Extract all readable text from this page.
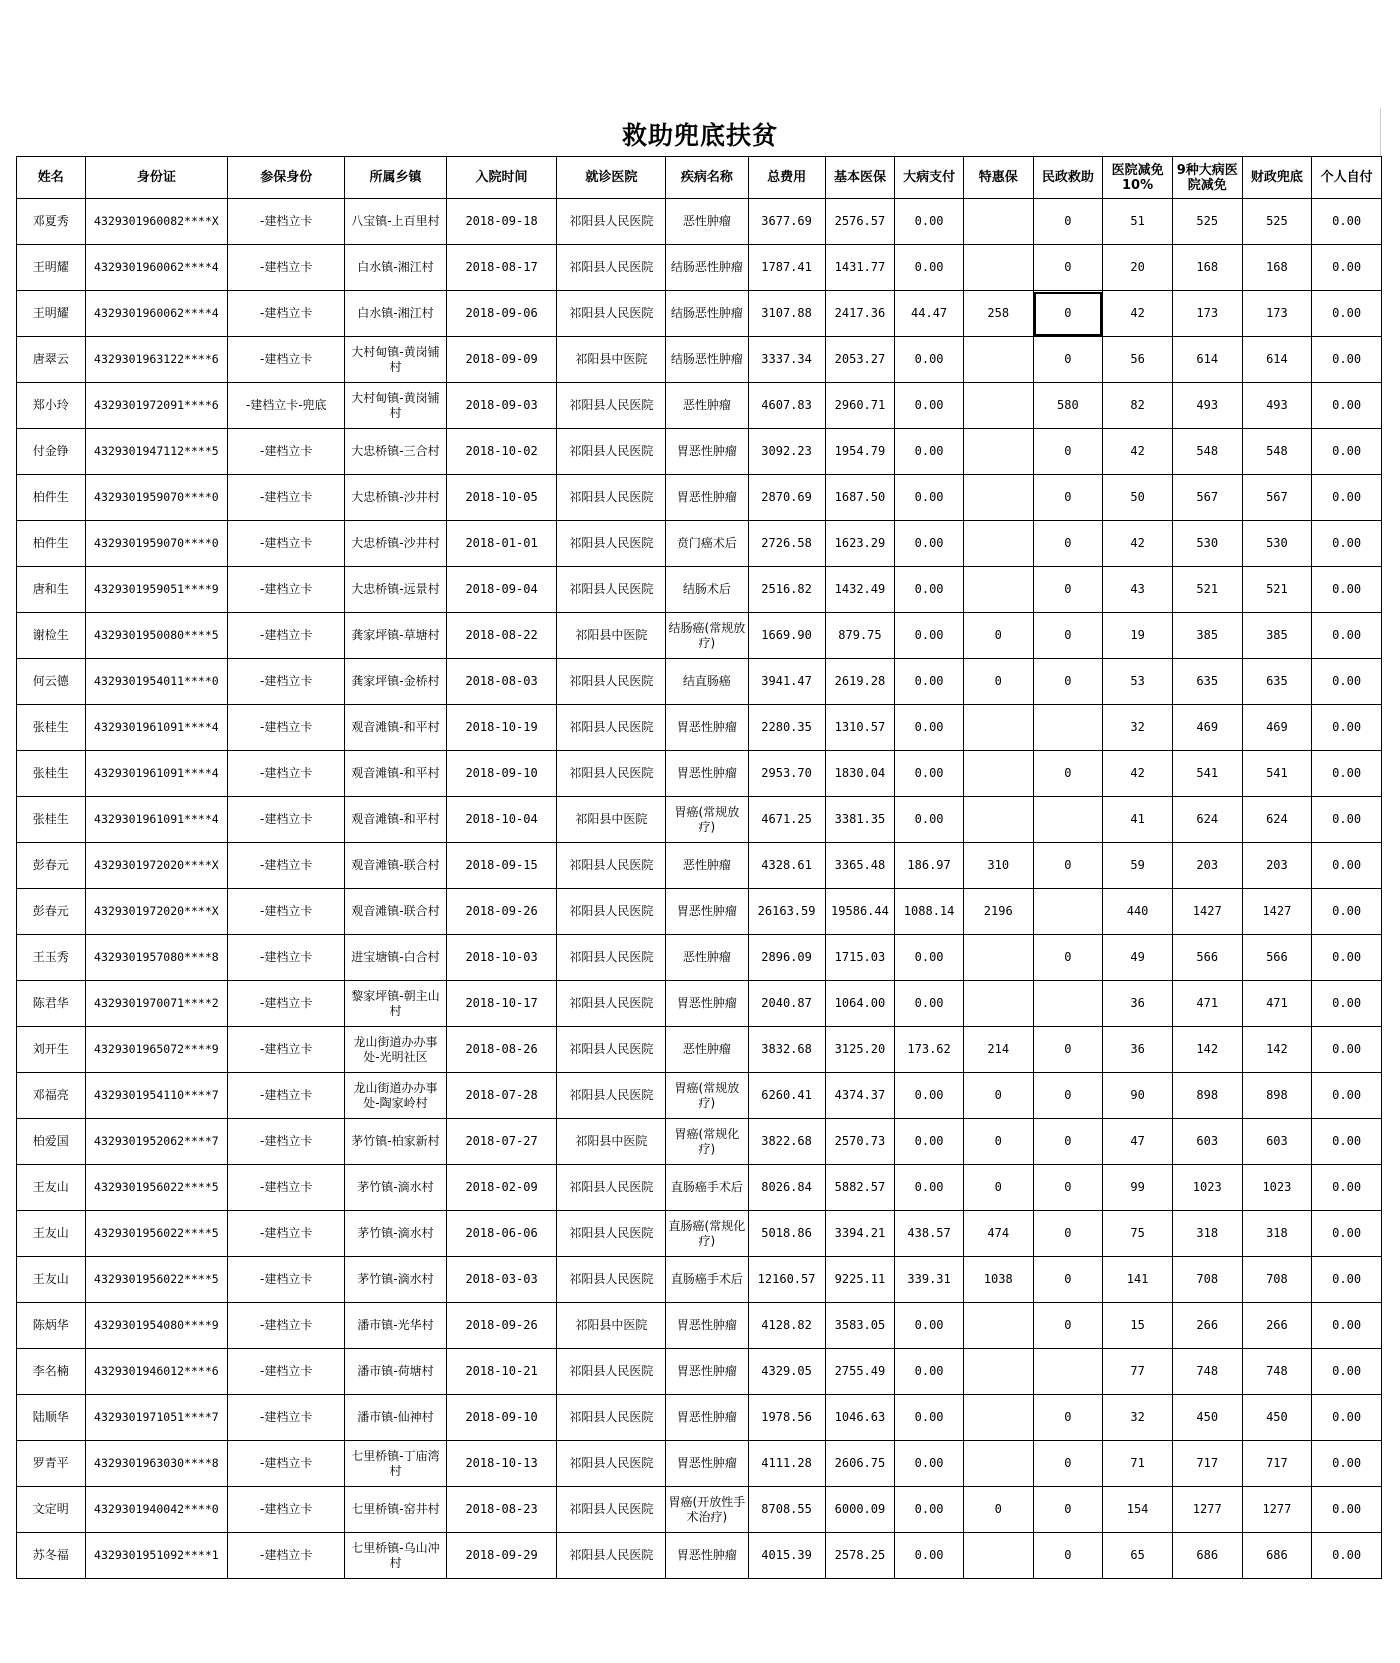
救助兜底扶贫
姓名	身份证	参保身份	所属乡镇	入院时间	就诊医院	疾病名称	总费用	基本医保	大病支付	特惠保	民政救助	医院减免10%	9种大病医院减免	财政兜底	个人自付
邓夏秀	4329301960082****X	-建档立卡	八宝镇-上百里村	2018-09-18	祁阳县人民医院	恶性肿瘤	3677.69	2576.57	0.00		0	51	525	525	0.00
王明耀	4329301960062****4	-建档立卡	白水镇-湘江村	2018-08-17	祁阳县人民医院	结肠恶性肿瘤	1787.41	1431.77	0.00		0	20	168	168	0.00
王明耀	4329301960062****4	-建档立卡	白水镇-湘江村	2018-09-06	祁阳县人民医院	结肠恶性肿瘤	3107.88	2417.36	44.47	258	0	42	173	173	0.00
唐翠云	4329301963122****6	-建档立卡	大村甸镇-黄岗铺村	2018-09-09	祁阳县中医院	结肠恶性肿瘤	3337.34	2053.27	0.00		0	56	614	614	0.00
郑小玲	4329301972091****6	-建档立卡-兜底	大村甸镇-黄岗铺村	2018-09-03	祁阳县人民医院	恶性肿瘤	4607.83	2960.71	0.00		580	82	493	493	0.00
付金铮	4329301947112****5	-建档立卡	大忠桥镇-三合村	2018-10-02	祁阳县人民医院	胃恶性肿瘤	3092.23	1954.79	0.00		0	42	548	548	0.00
柏件生	4329301959070****0	-建档立卡	大忠桥镇-沙井村	2018-10-05	祁阳县人民医院	胃恶性肿瘤	2870.69	1687.50	0.00		0	50	567	567	0.00
柏件生	4329301959070****0	-建档立卡	大忠桥镇-沙井村	2018-01-01	祁阳县人民医院	贲门癌术后	2726.58	1623.29	0.00		0	42	530	530	0.00
唐和生	4329301959051****9	-建档立卡	大忠桥镇-远景村	2018-09-04	祁阳县人民医院	结肠术后	2516.82	1432.49	0.00		0	43	521	521	0.00
谢检生	4329301950080****5	-建档立卡	龚家坪镇-草塘村	2018-08-22	祁阳县中医院	结肠癌(常规放疗)	1669.90	879.75	0.00	0	0	19	385	385	0.00
何云德	4329301954011****0	-建档立卡	龚家坪镇-金桥村	2018-08-03	祁阳县人民医院	结直肠癌	3941.47	2619.28	0.00	0	0	53	635	635	0.00
张桂生	4329301961091****4	-建档立卡	观音滩镇-和平村	2018-10-19	祁阳县人民医院	胃恶性肿瘤	2280.35	1310.57	0.00			32	469	469	0.00
张桂生	4329301961091****4	-建档立卡	观音滩镇-和平村	2018-09-10	祁阳县人民医院	胃恶性肿瘤	2953.70	1830.04	0.00		0	42	541	541	0.00
张桂生	4329301961091****4	-建档立卡	观音滩镇-和平村	2018-10-04	祁阳县中医院	胃癌(常规放疗)	4671.25	3381.35	0.00			41	624	624	0.00
彭春元	4329301972020****X	-建档立卡	观音滩镇-联合村	2018-09-15	祁阳县人民医院	恶性肿瘤	4328.61	3365.48	186.97	310	0	59	203	203	0.00
彭春元	4329301972020****X	-建档立卡	观音滩镇-联合村	2018-09-26	祁阳县人民医院	胃恶性肿瘤	26163.59	19586.44	1088.14	2196		440	1427	1427	0.00
王玉秀	4329301957080****8	-建档立卡	进宝塘镇-白合村	2018-10-03	祁阳县人民医院	恶性肿瘤	2896.09	1715.03	0.00		0	49	566	566	0.00
陈君华	4329301970071****2	-建档立卡	黎家坪镇-朝主山村	2018-10-17	祁阳县人民医院	胃恶性肿瘤	2040.87	1064.00	0.00			36	471	471	0.00
刘开生	4329301965072****9	-建档立卡	龙山街道办办事处-光明社区	2018-08-26	祁阳县人民医院	恶性肿瘤	3832.68	3125.20	173.62	214	0	36	142	142	0.00
邓福亮	4329301954110****7	-建档立卡	龙山街道办办事处-陶家岭村	2018-07-28	祁阳县人民医院	胃癌(常规放疗)	6260.41	4374.37	0.00	0	0	90	898	898	0.00
柏爱国	4329301952062****7	-建档立卡	茅竹镇-柏家新村	2018-07-27	祁阳县中医院	胃癌(常规化疗)	3822.68	2570.73	0.00	0	0	47	603	603	0.00
王友山	4329301956022****5	-建档立卡	茅竹镇-滴水村	2018-02-09	祁阳县人民医院	直肠癌手术后	8026.84	5882.57	0.00	0	0	99	1023	1023	0.00
王友山	4329301956022****5	-建档立卡	茅竹镇-滴水村	2018-06-06	祁阳县人民医院	直肠癌(常规化疗)	5018.86	3394.21	438.57	474	0	75	318	318	0.00
王友山	4329301956022****5	-建档立卡	茅竹镇-滴水村	2018-03-03	祁阳县人民医院	直肠癌手术后	12160.57	9225.11	339.31	1038	0	141	708	708	0.00
陈炳华	4329301954080****9	-建档立卡	潘市镇-光华村	2018-09-26	祁阳县中医院	胃恶性肿瘤	4128.82	3583.05	0.00		0	15	266	266	0.00
李名楠	4329301946012****6	-建档立卡	潘市镇-荷塘村	2018-10-21	祁阳县人民医院	胃恶性肿瘤	4329.05	2755.49	0.00			77	748	748	0.00
陆顺华	4329301971051****7	-建档立卡	潘市镇-仙神村	2018-09-10	祁阳县人民医院	胃恶性肿瘤	1978.56	1046.63	0.00		0	32	450	450	0.00
罗青平	4329301963030****8	-建档立卡	七里桥镇-丁庙湾村	2018-10-13	祁阳县人民医院	胃恶性肿瘤	4111.28	2606.75	0.00		0	71	717	717	0.00
文定明	4329301940042****0	-建档立卡	七里桥镇-窑井村	2018-08-23	祁阳县人民医院	胃癌(开放性手术治疗)	8708.55	6000.09	0.00	0	0	154	1277	1277	0.00
苏冬福	4329301951092****1	-建档立卡	七里桥镇-乌山冲村	2018-09-29	祁阳县人民医院	胃恶性肿瘤	4015.39	2578.25	0.00		0	65	686	686	0.00
